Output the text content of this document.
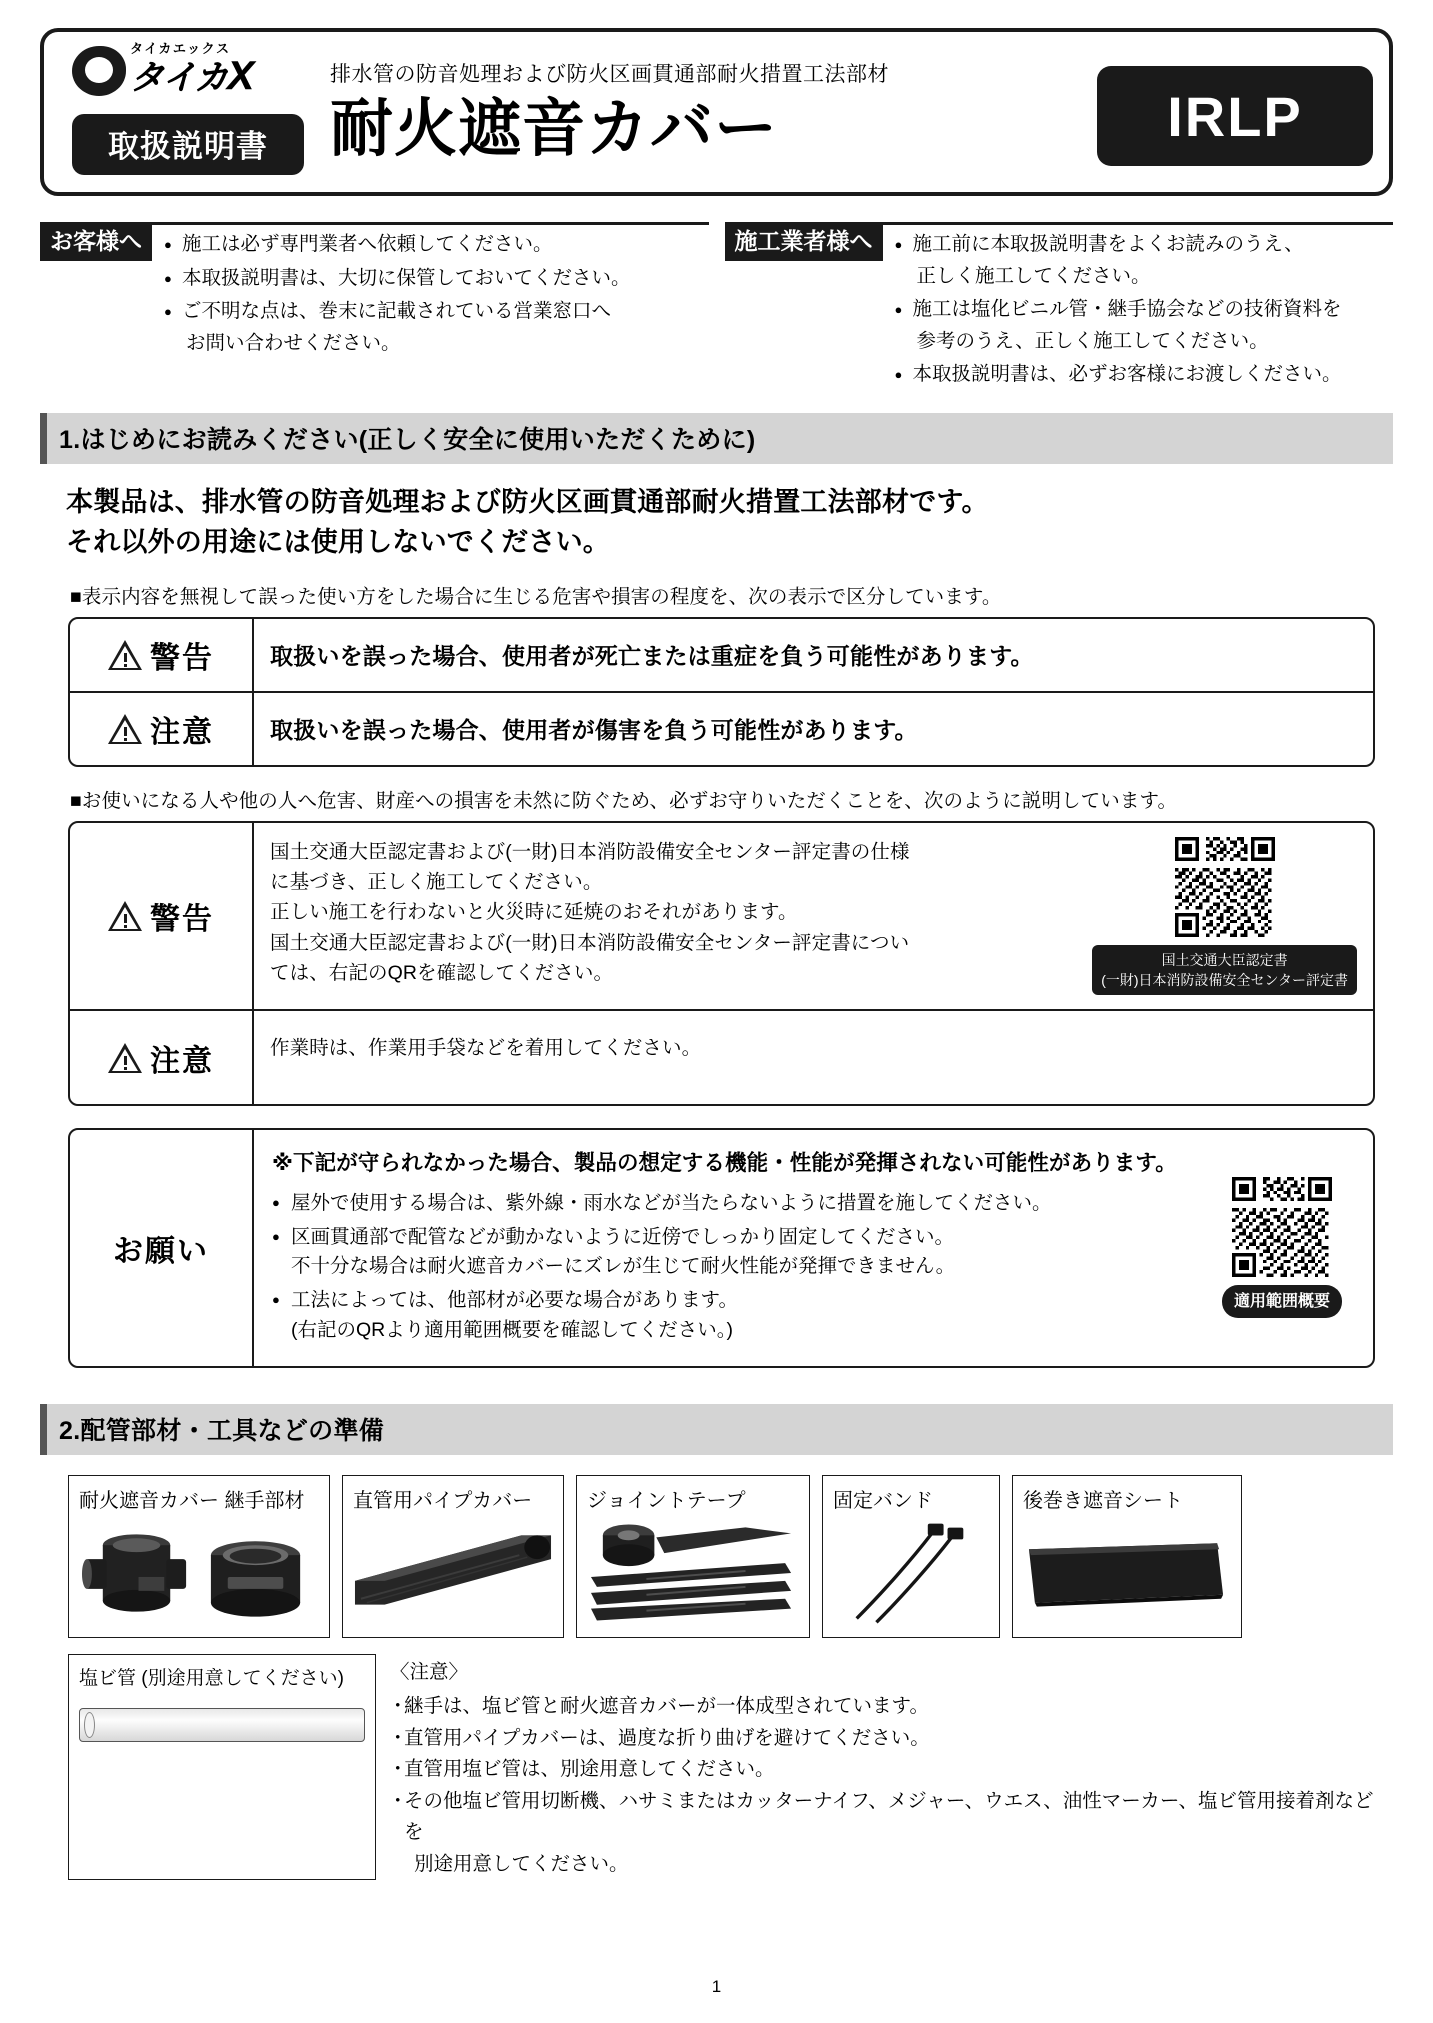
タイカエックス
タイカX
取扱説明書
排水管の防音処理および防火区画貫通部耐火措置工法部材
耐火遮音カバー	IRLP
お客様へ	● 施工は必ず専門業者へ依頼してください。
● 本取扱説明書は、大切に保管しておいてください。
● ご不明な点は、巻末に記載されている営業窓口へ
お問い合わせください。
施工業者様へ	● 施工前に本取扱説明書をよくお読みのうえ、
正しく施工してください。
● 施工は塩化ビニル管・継手協会などの技術資料を
参考のうえ、正しく施工してください。
● 本取扱説明書は、必ずお客様にお渡しください。
1.はじめにお読みください(正しく安全に使用いただくために)
本製品は、排水管の防音処理および防火区画貫通部耐火措置工法部材です。
それ以外の用途には使用しないでください。
■表示内容を無視して誤った使い方をした場合に生じる危害や損害の程度を、次の表示で区分しています。
警告	取扱いを誤った場合、使用者が死亡または重症を負う可能性があります。
注意	取扱いを誤った場合、使用者が傷害を負う可能性があります。
■お使いになる人や他の人へ危害、財産への損害を未然に防ぐため、必ずお守りいただくことを、次のように説明しています。
警告

国土交通大臣認定書および(一財)日本消防設備安全センター評定書の仕様

に基づき、正しく施工してください。

正しい施工を行わないと火災時に延焼のおそれがあります。

国土交通大臣認定書および(一財)日本消防設備安全センター評定書につい

ては、右記のQRを確認してください。

国土交通大臣認定書
(一財)日本消防設備安全センター評定書
注意	作業時は、作業用手袋などを着用してください。

お願い
※下記が守られなかった場合、製品の想定する機能・性能が発揮されない可能性があります。
● 屋外で使用する場合は、紫外線・雨水などが当たらないように措置を施してください。
● 区画貫通部で配管などが動かないように近傍でしっかり固定してください。
不十分な場合は耐火遮音カバーにズレが生じて耐火性能が発揮できません。
● 工法によっては、他部材が必要な場合があります。
(右記のQRより適用範囲概要を確認してください。)
適用範囲概要
2.配管部材・工具などの準備
耐火遮音カバー 継手部材	直管用パイプカバー	ジョイントテープ	固定バンド	後巻き遮音シート
塩ビ管 (別途用意してください)	〈注意〉
・ 継手は、塩ビ管と耐火遮音カバーが一体成型されています。
・ 直管用パイプカバーは、過度な折り曲げを避けてください。
・ 直管用塩ビ管は、別途用意してください。
・ その他塩ビ管用切断機、ハサミまたはカッターナイフ、メジャー、ウエス、油性マーカー、塩ビ管用接着剤などを
別途用意してください。
1
